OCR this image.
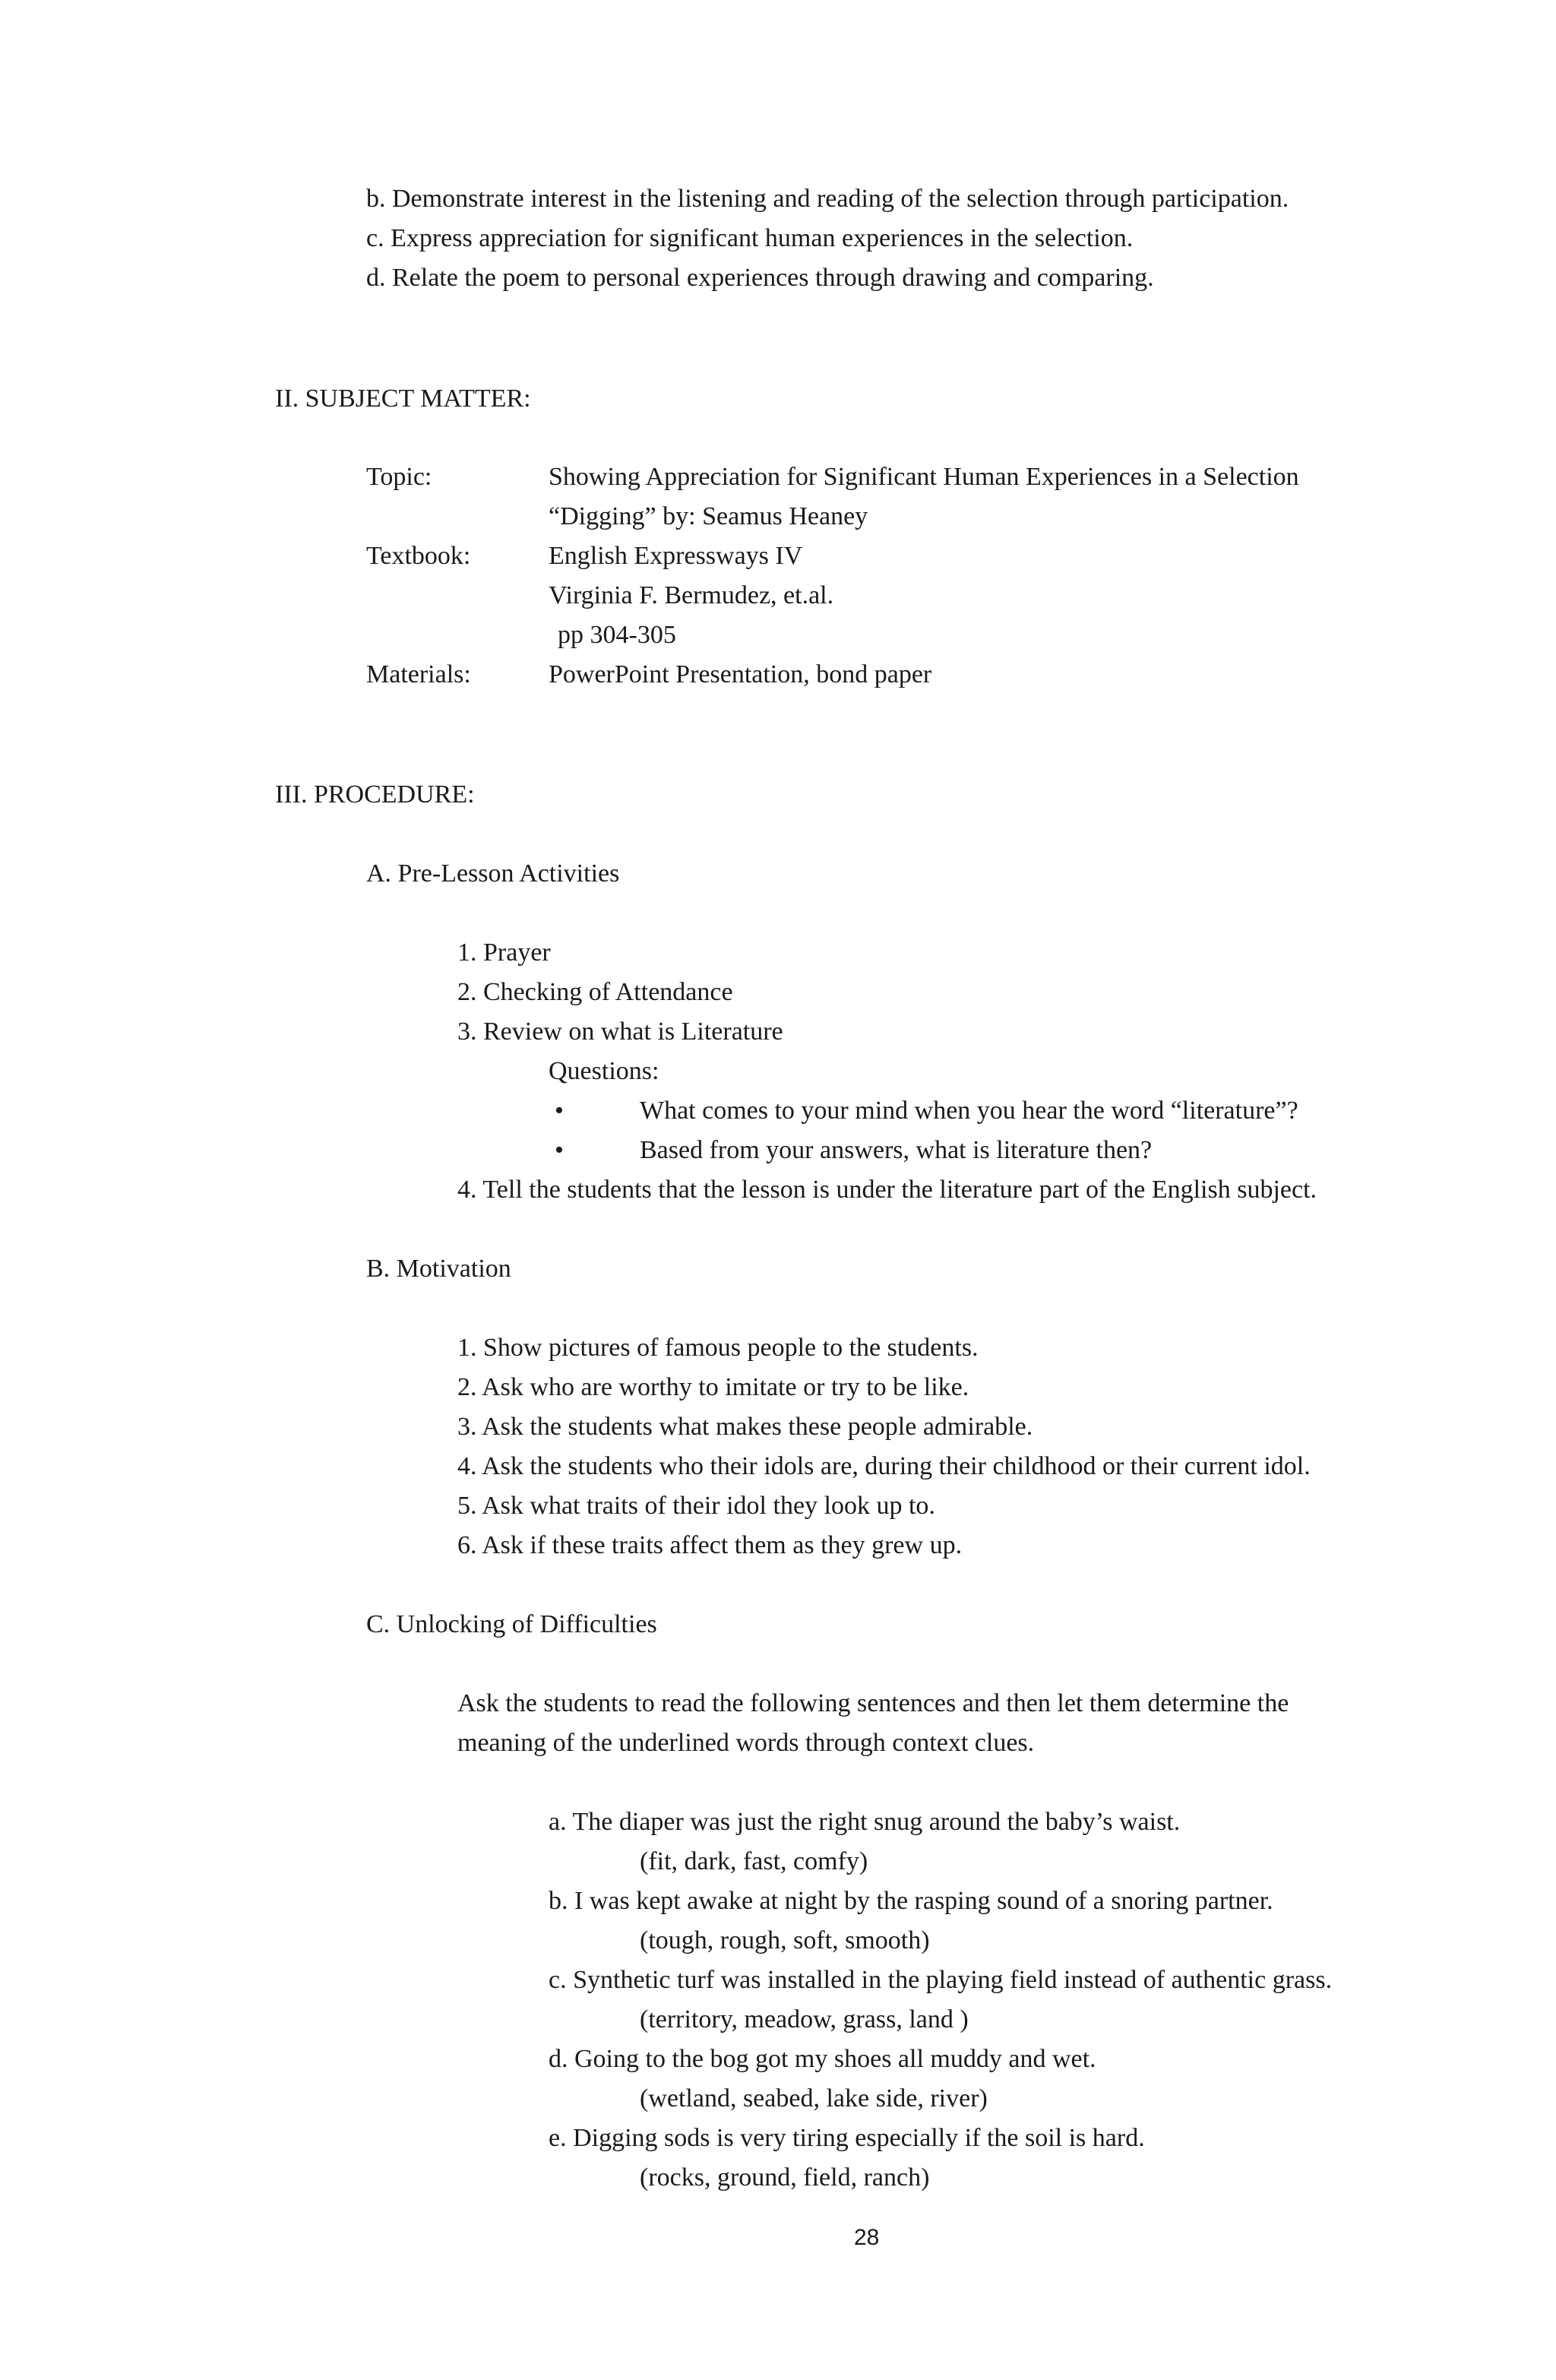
b. Demonstrate interest in the listening and reading of the selection through participation.
c. Express appreciation for significant human experiences in the selection.
d. Relate the poem to personal experiences through drawing and comparing.
II. SUBJECT MATTER:
Topic:	Showing Appreciation for Significant Human Experiences in a Selection
“Digging” by: Seamus Heaney
Textbook:	English Expressways IV
Virginia F. Bermudez, et.al.
pp 304-305
Materials:	PowerPoint Presentation, bond paper
III. PROCEDURE:
A. Pre-Lesson Activities
1. Prayer
2. Checking of Attendance
3. Review on what is Literature
Questions:
•	What comes to your mind when you hear the word “literature”?
•	Based from your answers, what is literature then?
4. Tell the students that the lesson is under the literature part of the English subject.
B. Motivation
1. Show pictures of famous people to the students.
2. Ask who are worthy to imitate or try to be like.
3. Ask the students what makes these people admirable.
4. Ask the students who their idols are, during their childhood or their current idol.
5. Ask what traits of their idol they look up to.
6. Ask if these traits affect them as they grew up.
C. Unlocking of Difficulties
Ask the students to read the following sentences and then let them determine the
meaning of the underlined words through context clues.
a. The diaper was just the right snug around the baby’s waist.
(fit, dark, fast, comfy)
b. I was kept awake at night by the rasping sound of a snoring partner.
(tough, rough, soft, smooth)
c. Synthetic turf was installed in the playing field instead of authentic grass.
(territory, meadow, grass, land )
d. Going to the bog got my shoes all muddy and wet.
(wetland, seabed, lake side, river)
e. Digging sods is very tiring especially if the soil is hard.
(rocks, ground, field, ranch)
28
